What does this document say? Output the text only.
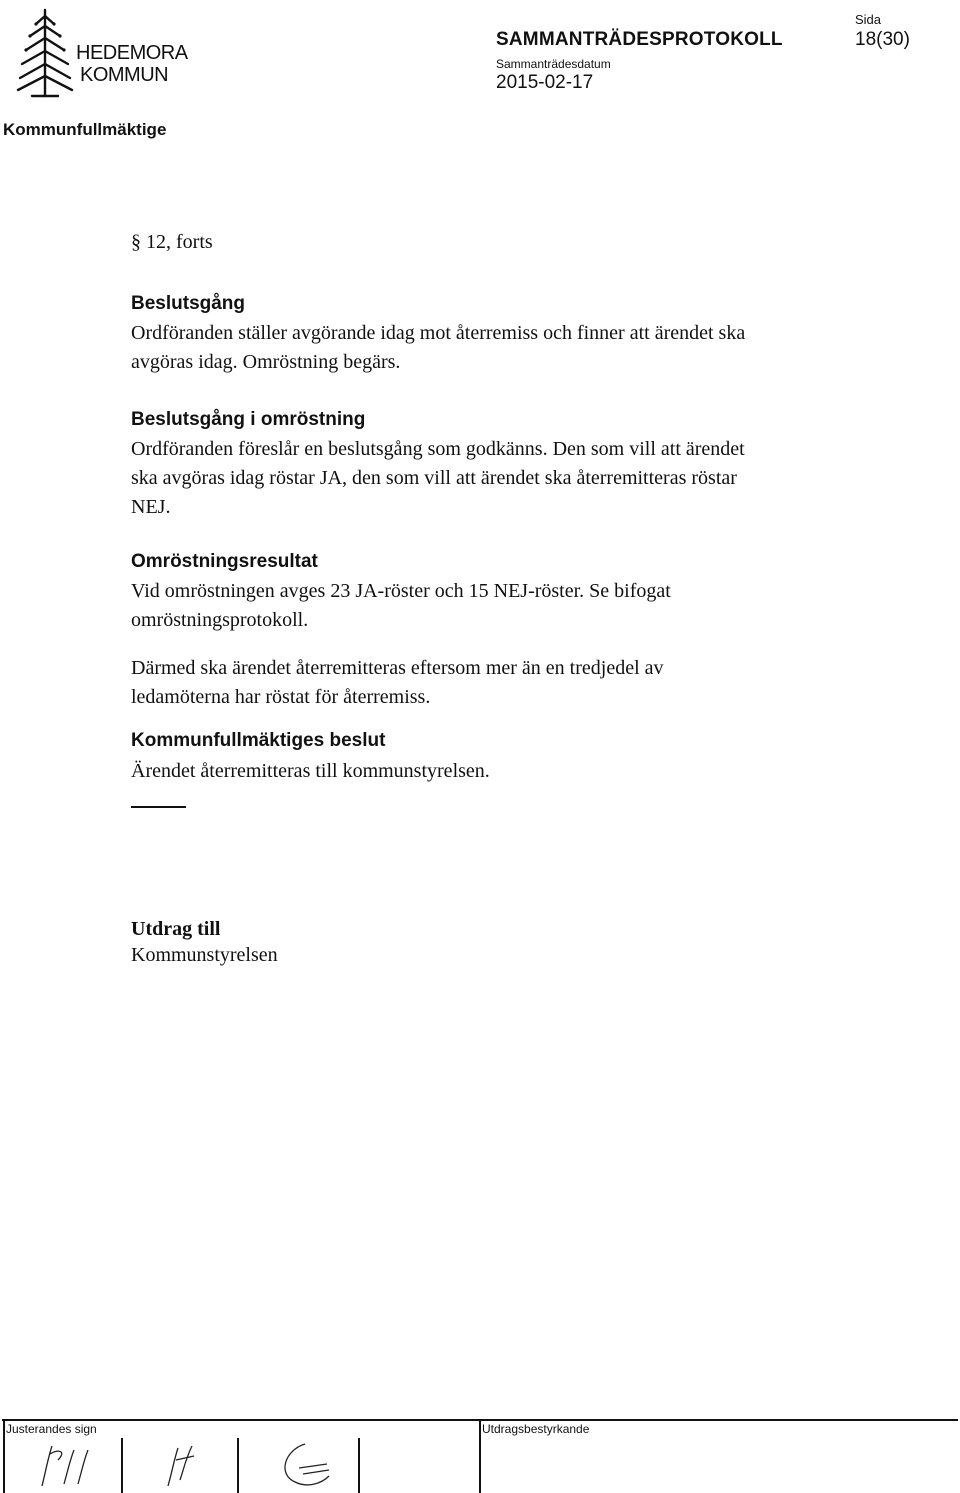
HEDEMORA
KOMMUN
SAMMANTRÄDESPROTOKOLL
Sammanträdesdatum
2015-02-17
Sida
18(30)
Kommunfullmäktige
§ 12, forts
Beslutsgång
Ordföranden ställer avgörande idag mot återremiss och finner att ärendet ska
avgöras idag. Omröstning begärs.
Beslutsgång i omröstning
Ordföranden föreslår en beslutsgång som godkänns. Den som vill att ärendet
ska avgöras idag röstar JA, den som vill att ärendet ska återremitteras röstar
NEJ.
Omröstningsresultat
Vid omröstningen avges 23 JA-röster och 15 NEJ-röster. Se bifogat
omröstningsprotokoll.
Därmed ska ärendet återremitteras eftersom mer än en tredjedel av
ledamöterna har röstat för återremiss.
Kommunfullmäktiges beslut
Ärendet återremitteras till kommunstyrelsen.
Utdrag till
Kommunstyrelsen
Justerandes sign	Utdragsbestyrkande
